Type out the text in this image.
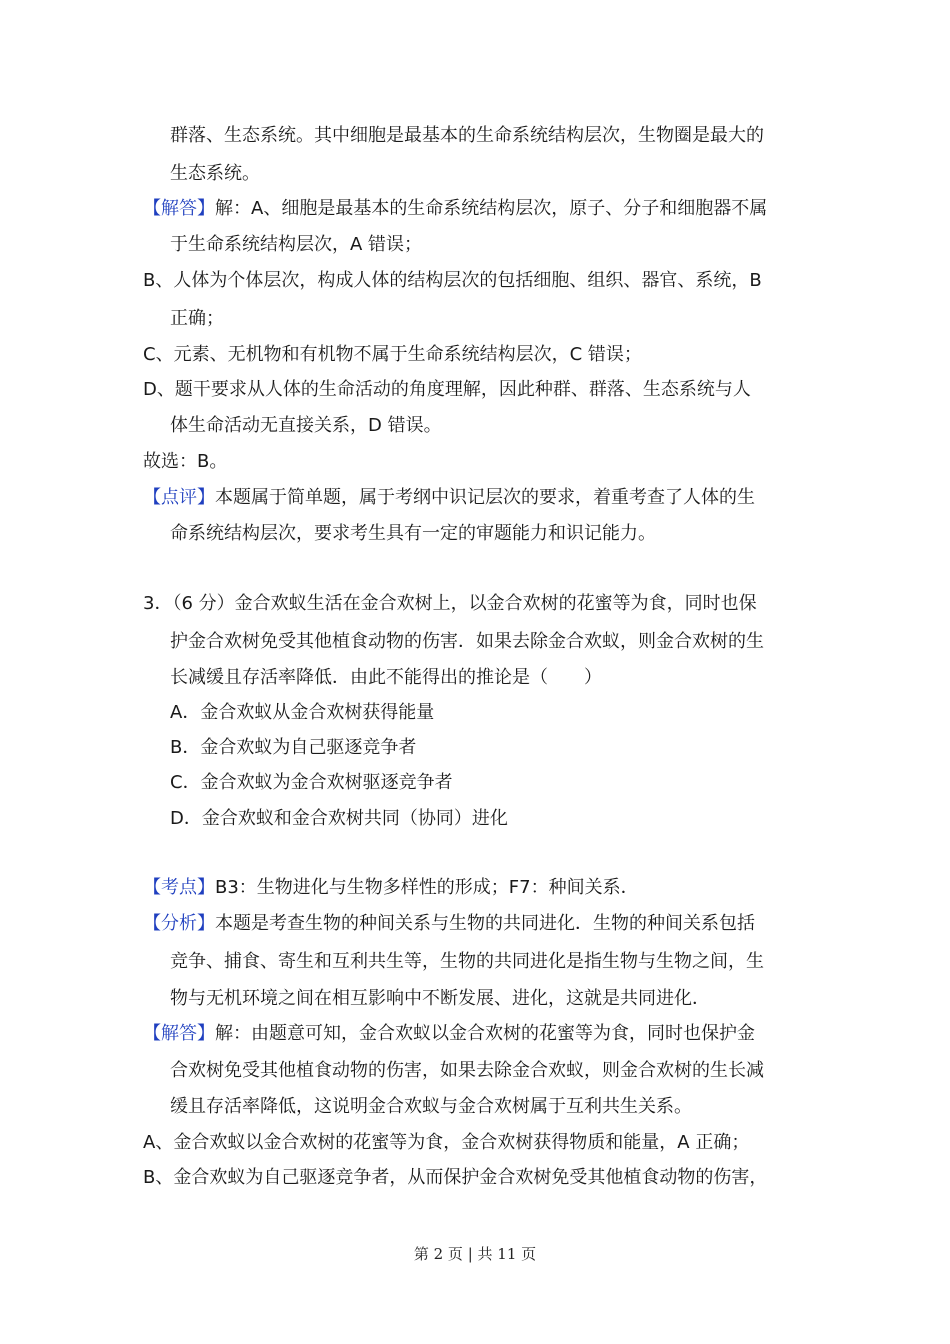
群落、生态系统。其中细胞是最基本的生命系统结构层次，生物圈是最大的
生态系统。
【解答】解：A、细胞是最基本的生命系统结构层次，原子、分子和细胞器不属
于生命系统结构层次，A 错误；
B、人体为个体层次，构成人体的结构层次的包括细胞、组织、器官、系统，B
正确；
C、元素、无机物和有机物不属于生命系统结构层次，C 错误；
D、题干要求从人体的生命活动的角度理解，因此种群、群落、生态系统与人
体生命活动无直接关系，D 错误。
故选：B。
【点评】本题属于简单题，属于考纲中识记层次的要求，着重考查了人体的生
命系统结构层次，要求考生具有一定的审题能力和识记能力。
3．（6 分）金合欢蚁生活在金合欢树上，以金合欢树的花蜜等为食，同时也保
护金合欢树免受其他植食动物的伤害．如果去除金合欢蚁，则金合欢树的生
长减缓且存活率降低．由此不能得出的推论是（　　）
A．金合欢蚁从金合欢树获得能量
B．金合欢蚁为自己驱逐竞争者
C．金合欢蚁为金合欢树驱逐竞争者
D．金合欢蚁和金合欢树共同（协同）进化
【考点】B3：生物进化与生物多样性的形成；F7：种间关系．
【分析】本题是考查生物的种间关系与生物的共同进化．生物的种间关系包括
竞争、捕食、寄生和互利共生等，生物的共同进化是指生物与生物之间，生
物与无机环境之间在相互影响中不断发展、进化，这就是共同进化．
【解答】解：由题意可知，金合欢蚁以金合欢树的花蜜等为食，同时也保护金
合欢树免受其他植食动物的伤害，如果去除金合欢蚁，则金合欢树的生长减
缓且存活率降低，这说明金合欢蚁与金合欢树属于互利共生关系。
A、金合欢蚁以金合欢树的花蜜等为食，金合欢树获得物质和能量，A 正确；
B、金合欢蚁为自己驱逐竞争者，从而保护金合欢树免受其他植食动物的伤害，
第 2 页 | 共 11 页
